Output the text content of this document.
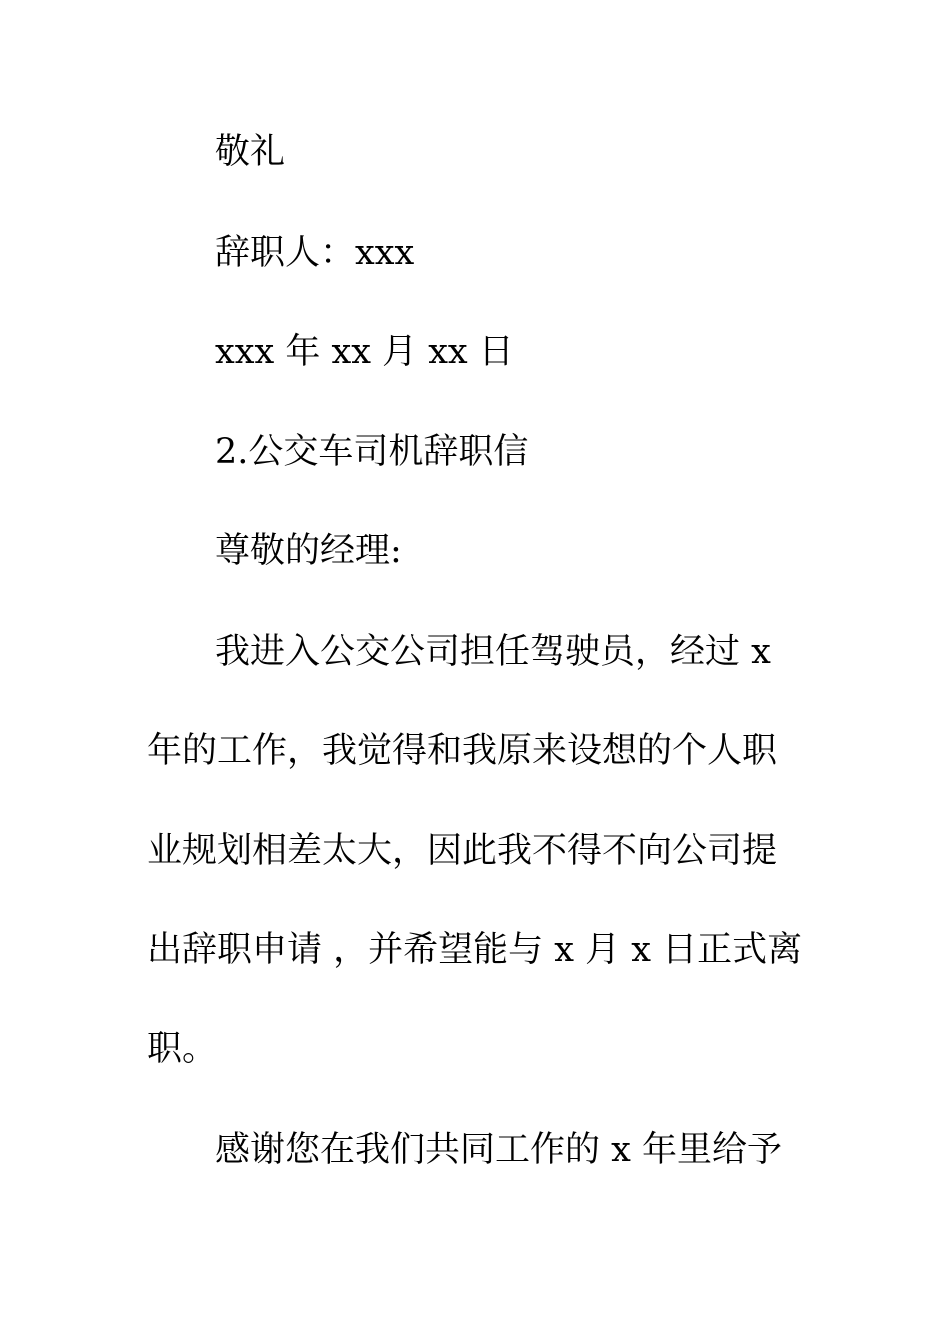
敬礼
辞职人：xxx
xxx 年 xx 月 xx 日
2.公交车司机辞职信
尊敬的经理:
我进入公交公司担任驾驶员，经过 x
年的工作，我觉得和我原来设想的个人职
业规划相差太大，因此我不得不向公司提
出辞职申请 ，并希望能与 x 月 x 日正式离
职。
感谢您在我们共同工作的 x 年里给予
